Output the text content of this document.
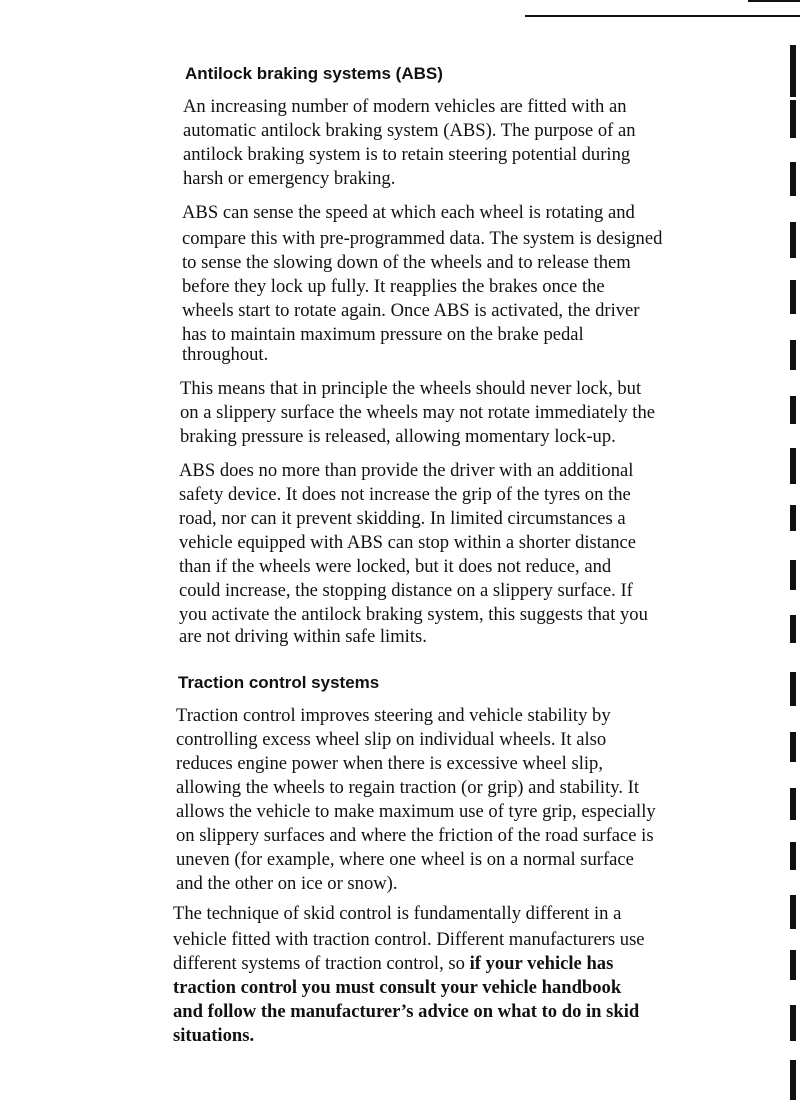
Antilock braking systems (ABS)
An increasing number of modern vehicles are fitted with an
automatic antilock braking system (ABS). The purpose of an
antilock braking system is to retain steering potential during
harsh or emergency braking.
ABS can sense the speed at which each wheel is rotating and
compare this with pre-programmed data. The system is designed
to sense the slowing down of the wheels and to release them
before they lock up fully. It reapplies the brakes once the
wheels start to rotate again. Once ABS is activated, the driver
has to maintain maximum pressure on the brake pedal
throughout.
This means that in principle the wheels should never lock, but
on a slippery surface the wheels may not rotate immediately the
braking pressure is released, allowing momentary lock-up.
ABS does no more than provide the driver with an additional
safety device. It does not increase the grip of the tyres on the
road, nor can it prevent skidding. In limited circumstances a
vehicle equipped with ABS can stop within a shorter distance
than if the wheels were locked, but it does not reduce, and
could increase, the stopping distance on a slippery surface. If
you activate the antilock braking system, this suggests that you
are not driving within safe limits.
Traction control systems
Traction control improves steering and vehicle stability by
controlling excess wheel slip on individual wheels. It also
reduces engine power when there is excessive wheel slip,
allowing the wheels to regain traction (or grip) and stability. It
allows the vehicle to make maximum use of tyre grip, especially
on slippery surfaces and where the friction of the road surface is
uneven (for example, where one wheel is on a normal surface
and the other on ice or snow).
The technique of skid control is fundamentally different in a
vehicle fitted with traction control. Different manufacturers use
different systems of traction control, so if your vehicle has
traction control you must consult your vehicle handbook
and follow the manufacturer’s advice on what to do in skid
situations.
